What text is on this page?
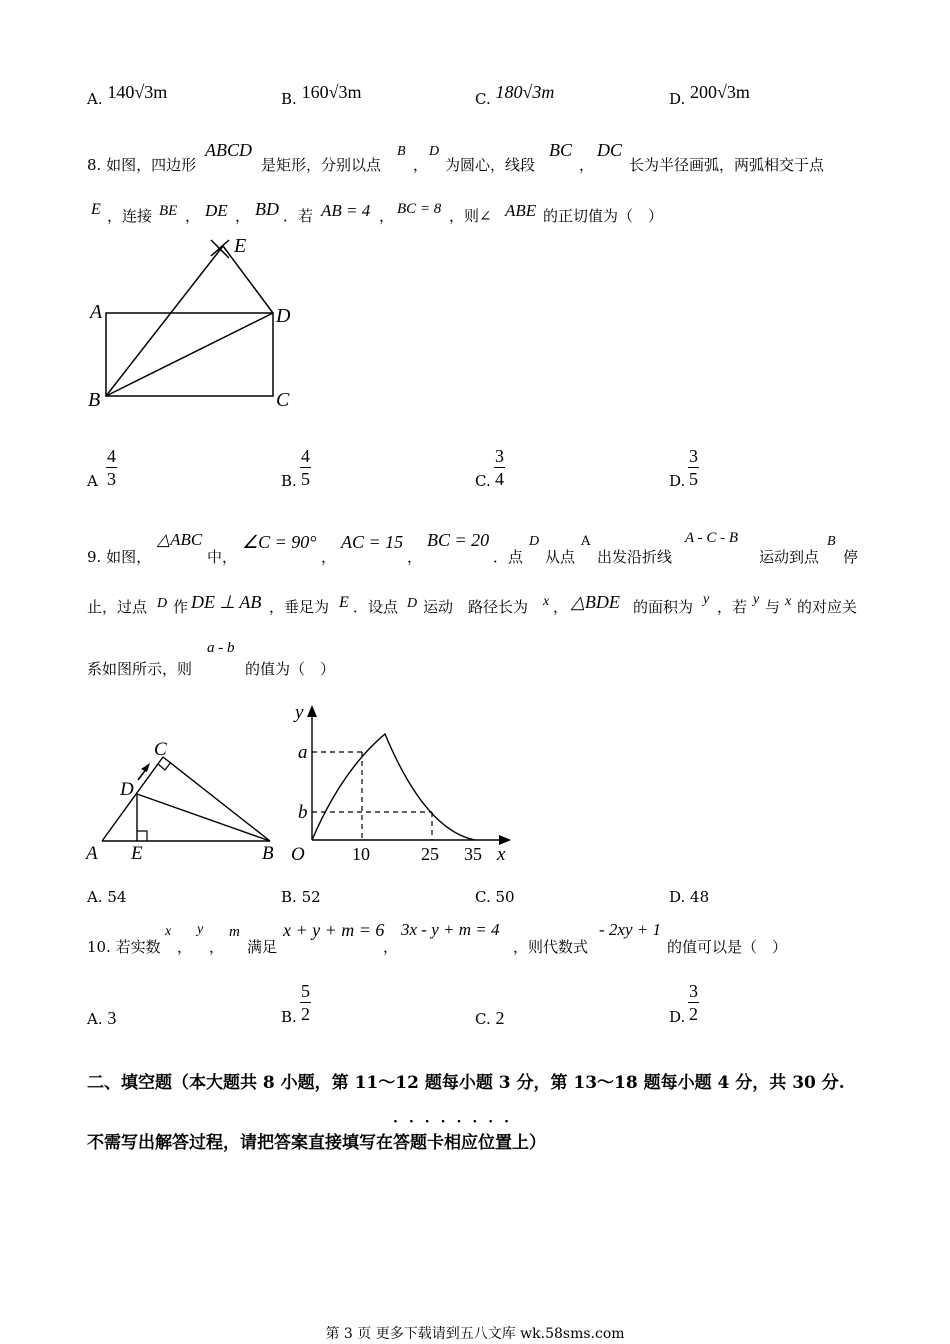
A. 140√3m	B. 160√3m	C. 180√3m	D. 200√3m
8. 如图，四边形
ABCD
是矩形，分别以点
B
，
D
为圆心，线段
BC
，
DC
长为半径画弧，两弧相交于点
E ，连接 BE ， DE ， BD ．若 AB = 4 ， BC = 8 ，则∠ ABE 的正切值为（　）
A
B	C
D
E
A $\frac{4}{3}$	B. $\frac{4}{5}$	C. $\frac{3}{4}$	D. $\frac{3}{5}$
9. 如图，
△ABC
中，
∠C = 90°
，
AC = 15
，
BC = 20
．点
D
从点
A
出发沿折线
A - C - B
运动到点
B
停
止，过点 D 作 DE ⊥ AB ，垂足为 E ．设点 D 运动　路径长为 x ， △BDE 的面积为 y ，若 y 与 x 的对应关
系如图所示，则
a - b
的值为（　）
A E	B
D
C
y
a
b
O	10	25 35 x
A. 54	B. 52	C. 50	D. 48
10. 若实数
x
，
y
，
m
满足
x + y + m = 6
，
3x - y + m = 4
，则代数式
- 2xy + 1
的值可以是（　）
A. 3	B. $\frac{5}{2}$	C. 2	D. $\frac{3}{2}$
二、填空题（本大题共 8 小题，第 11～12 题每小题 3 分，第 13～18 题每小题 4 分，共 30 分.
不需写出解答过程，请把答案直接填写在
········
答题卡相应位置上）
第 3 页 更多下载请到五八文库 wk.58sms.com
